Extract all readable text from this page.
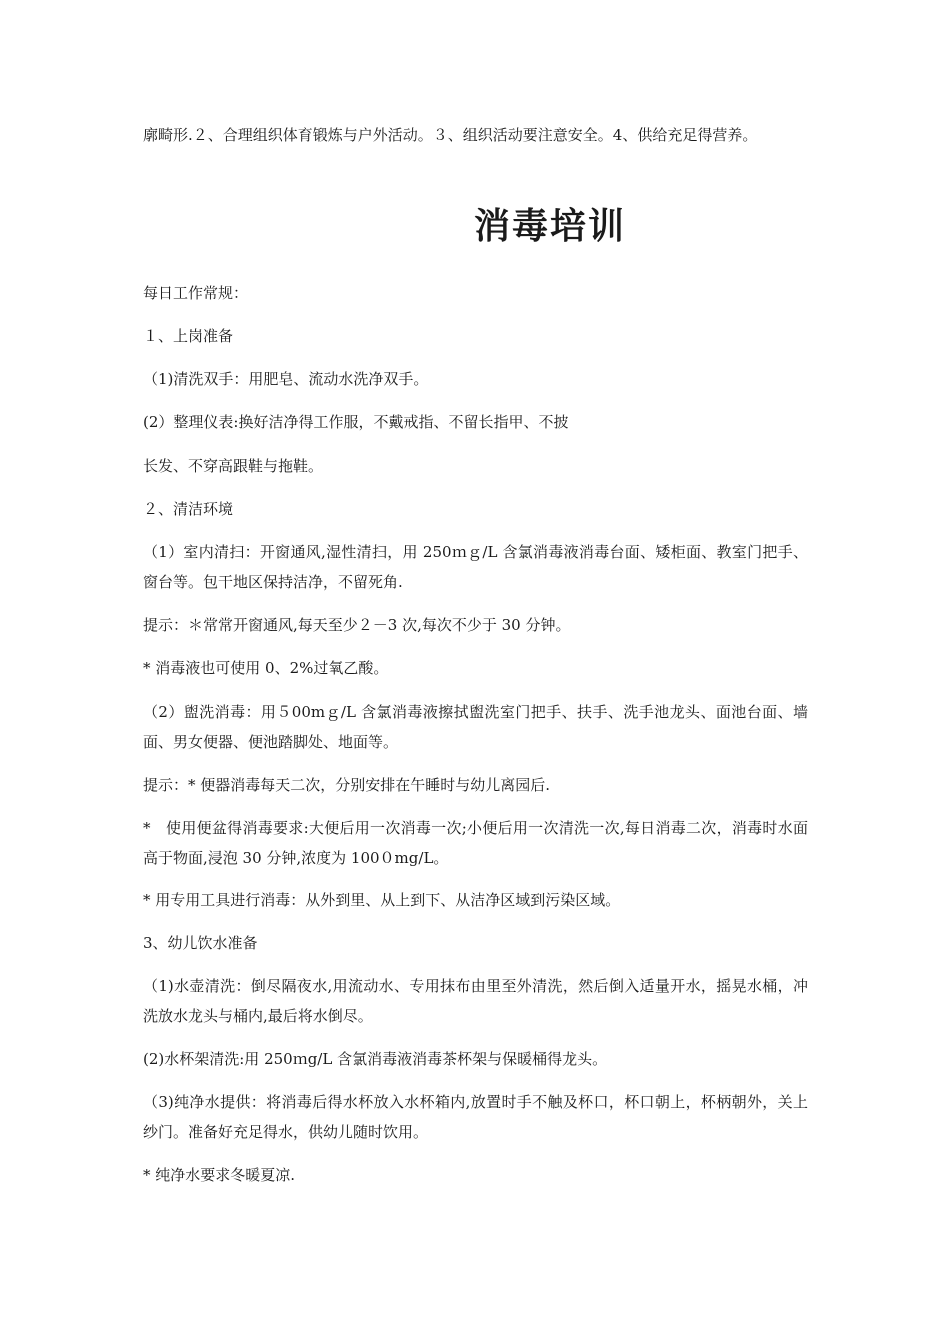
廓畸形.２、合理组织体育锻炼与户外活动。３、组织活动要注意安全。4、供给充足得营养。

消毒培训

每日工作常规：

１、上岗准备

（1)清洗双手：用肥皂、流动水洗净双手。

(2）整理仪表:换好洁净得工作服，不戴戒指、不留长指甲、不披

长发、不穿高跟鞋与拖鞋。

２、清洁环境

（1）室内清扫：开窗通风,湿性清扫，用 250ｍｇ/L 含氯消毒液消毒台面、矮柜面、教室门把手、窗台等。包干地区保持洁净，不留死角.

提示：＊常常开窗通风,每天至少２－3 次,每次不少于 30 分钟。

* 消毒液也可使用 0、2%过氧乙酸。

（2）盥洗消毒：用５00mｇ/L 含氯消毒液擦拭盥洗室门把手、扶手、洗手池龙头、面池台面、墙面、男女便器、便池踏脚处、地面等。

提示：* 便器消毒每天二次，分别安排在午睡时与幼儿离园后.

*　使用便盆得消毒要求:大便后用一次消毒一次;小便后用一次清洗一次,每日消毒二次，消毒时水面高于物面,浸泡 30 分钟,浓度为 100０mg/L。

* 用专用工具进行消毒：从外到里、从上到下、从洁净区域到污染区域。

3、幼儿饮水准备

（1)水壶清洗：倒尽隔夜水,用流动水、专用抹布由里至外清洗，然后倒入适量开水，摇晃水桶，冲洗放水龙头与桶内,最后将水倒尽。

(2)水杯架清洗:用 250ｍg/L 含氯消毒液消毒茶杯架与保暖桶得龙头。

（3)纯净水提供：将消毒后得水杯放入水杯箱内,放置时手不触及杯口，杯口朝上，杯柄朝外，关上纱门。准备好充足得水，供幼儿随时饮用。

* 纯净水要求冬暖夏凉.
